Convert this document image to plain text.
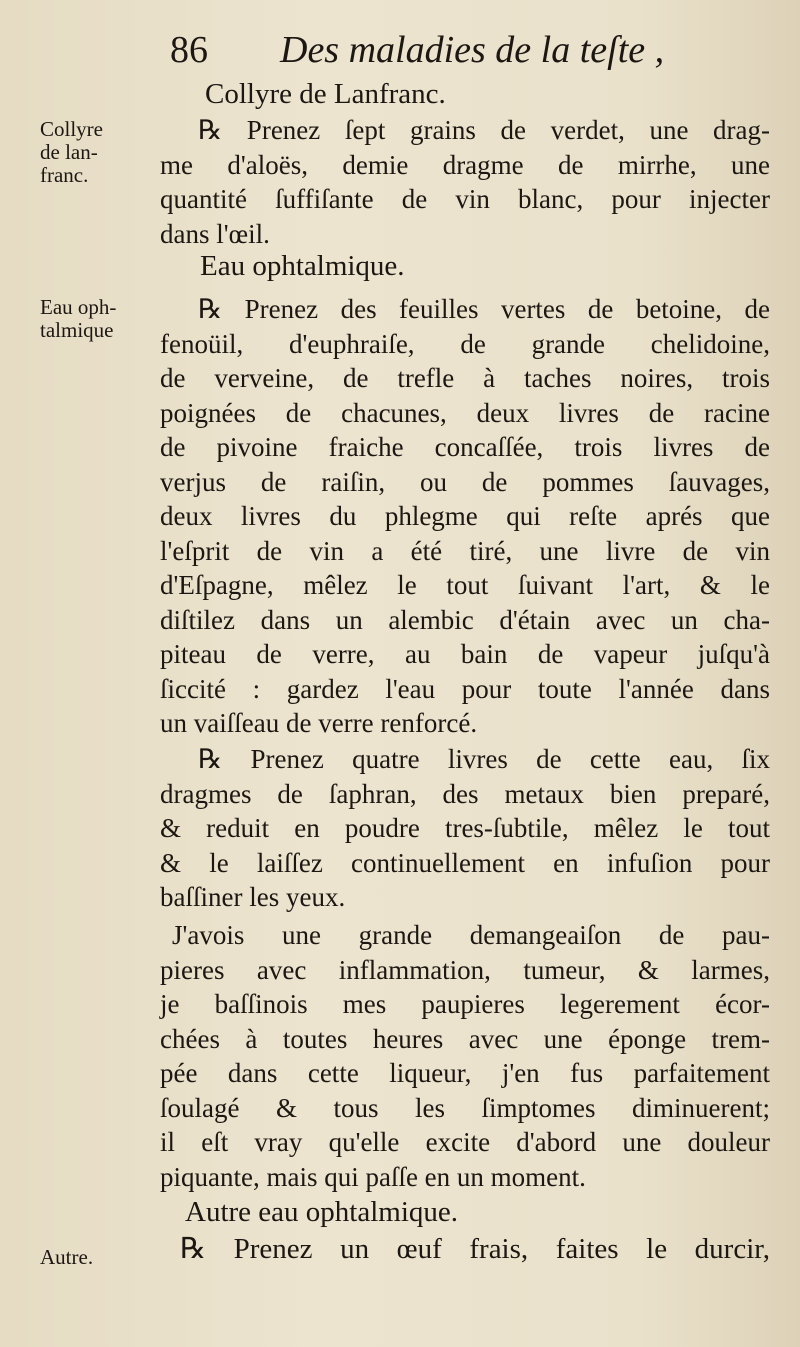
86 Des maladies de la teſte ,
Collyre
de lan-
franc.
Eau oph-
talmique
Autre.
Collyre de Lanfranc.
℞ Prenez ſept grains de verdet, une drag-
me d'aloës, demie dragme de mirrhe, une
quantité ſuffiſante de vin blanc, pour injecter
dans l'œil.
Eau ophtalmique.
℞ Prenez des feuilles vertes de betoine, de
fenoüil, d'euphraiſe, de grande chelidoine,
de verveine, de trefle à taches noires, trois
poignées de chacunes, deux livres de racine
de pivoine fraiche concaſſée, trois livres de
verjus de raiſin, ou de pommes ſauvages,
deux livres du phlegme qui reſte aprés que
l'eſprit de vin a été tiré, une livre de vin
d'Eſpagne, mêlez le tout ſuivant l'art, & le
diſtilez dans un alembic d'étain avec un cha-
piteau de verre, au bain de vapeur juſqu'à
ſiccité : gardez l'eau pour toute l'année dans
un vaiſſeau de verre renforcé.
℞ Prenez quatre livres de cette eau, ſix
dragmes de ſaphran, des metaux bien preparé,
& reduit en poudre tres-ſubtile, mêlez le tout
& le laiſſez continuellement en infuſion pour
baſſiner les yeux.
J'avois une grande demangeaiſon de pau-
pieres avec inflammation, tumeur, & larmes,
je baſſinois mes paupieres legerement écor-
chées à toutes heures avec une éponge trem-
pée dans cette liqueur, j'en fus parfaitement
ſoulagé & tous les ſimptomes diminuerent;
il eſt vray qu'elle excite d'abord une douleur
piquante, mais qui paſſe en un moment.
Autre eau ophtalmique.
℞ Prenez un œuf frais, faites le durcir,
